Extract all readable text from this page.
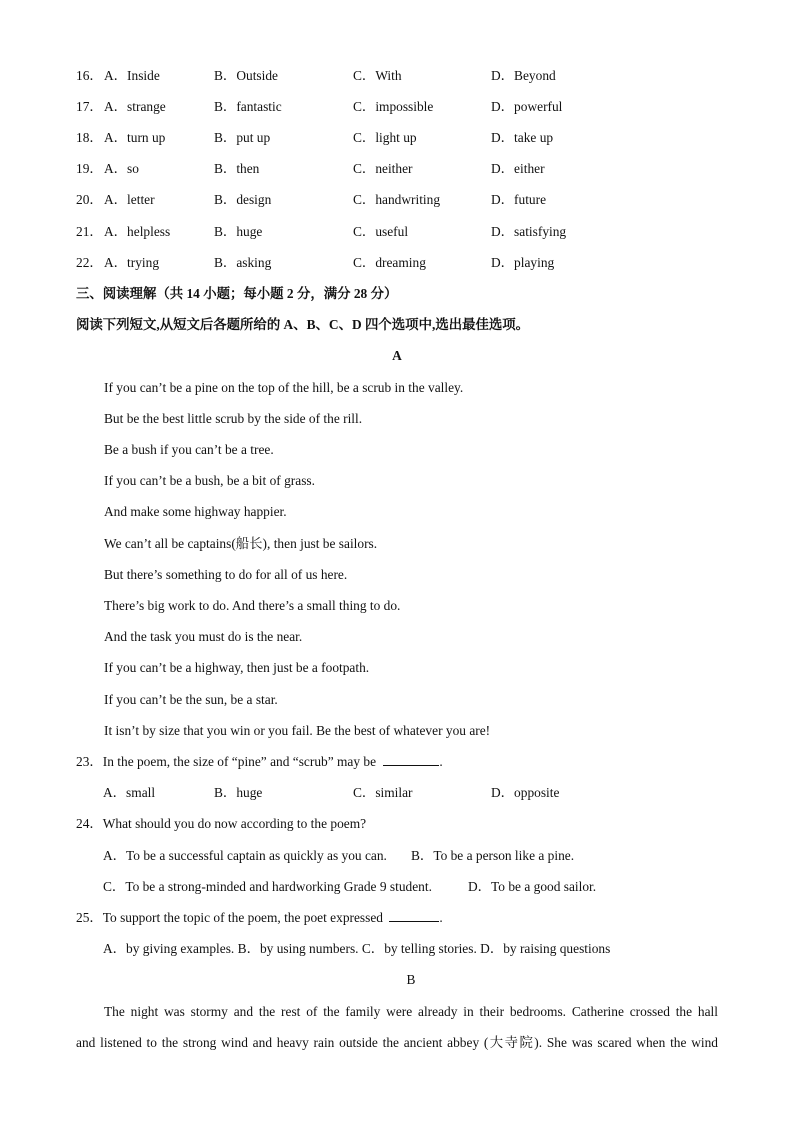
16． A．Inside	B．Outside	C．With	D．Beyond
17． A．strange	B．fantastic	C．impossible	D．powerful
18． A．turn up	B．put up	C．light up	D．take up
19． A．so	B．then	C．neither	D．either
20． A．letter	B．design	C．handwriting	D．future
21． A．helpless	B．huge	C．useful	D．satisfying
22． A．trying	B．asking	C．dreaming	D．playing
三、阅读理解（共 14 小题；每小题 2 分，满分 28 分）
阅读下列短文,从短文后各题所给的 A、B、C、D 四个选项中,选出最佳选项。
A
If you can’t be a pine on the top of the hill, be a scrub in the valley.
But be the best little scrub by the side of the rill.
Be a bush if you can’t be a tree.
If you can’t be a bush, be a bit of grass.
And make some highway happier.
We can’t all be captains(船长), then just be sailors.
But there’s something to do for all of us here.
There’s big work to do. And there’s a small thing to do.
And the task you must do is the near.
If you can’t be a highway, then just be a footpath.
If you can’t be the sun, be a star.
It isn’t by size that you win or you fail. Be the best of whatever you are!
23．In the poem, the size of “pine” and “scrub” may be	.
A．small	B．huge	C．similar	D．opposite
24．What should you do now according to the poem?
A．To be a successful captain as quickly as you can. B．To be a person like a pine.
C．To be a strong-minded and hardworking Grade 9 student.	D．To be a good sailor.
25．To support the topic of the poem, the poet expressed	.
A．by giving examples. B．by using numbers. C．by telling stories. D．by raising questions
B
The night was stormy and the rest of the family were already in their bedrooms. Catherine crossed the hall
and listened to the strong wind and heavy rain outside the ancient abbey (大寺院). She was scared when the wind
